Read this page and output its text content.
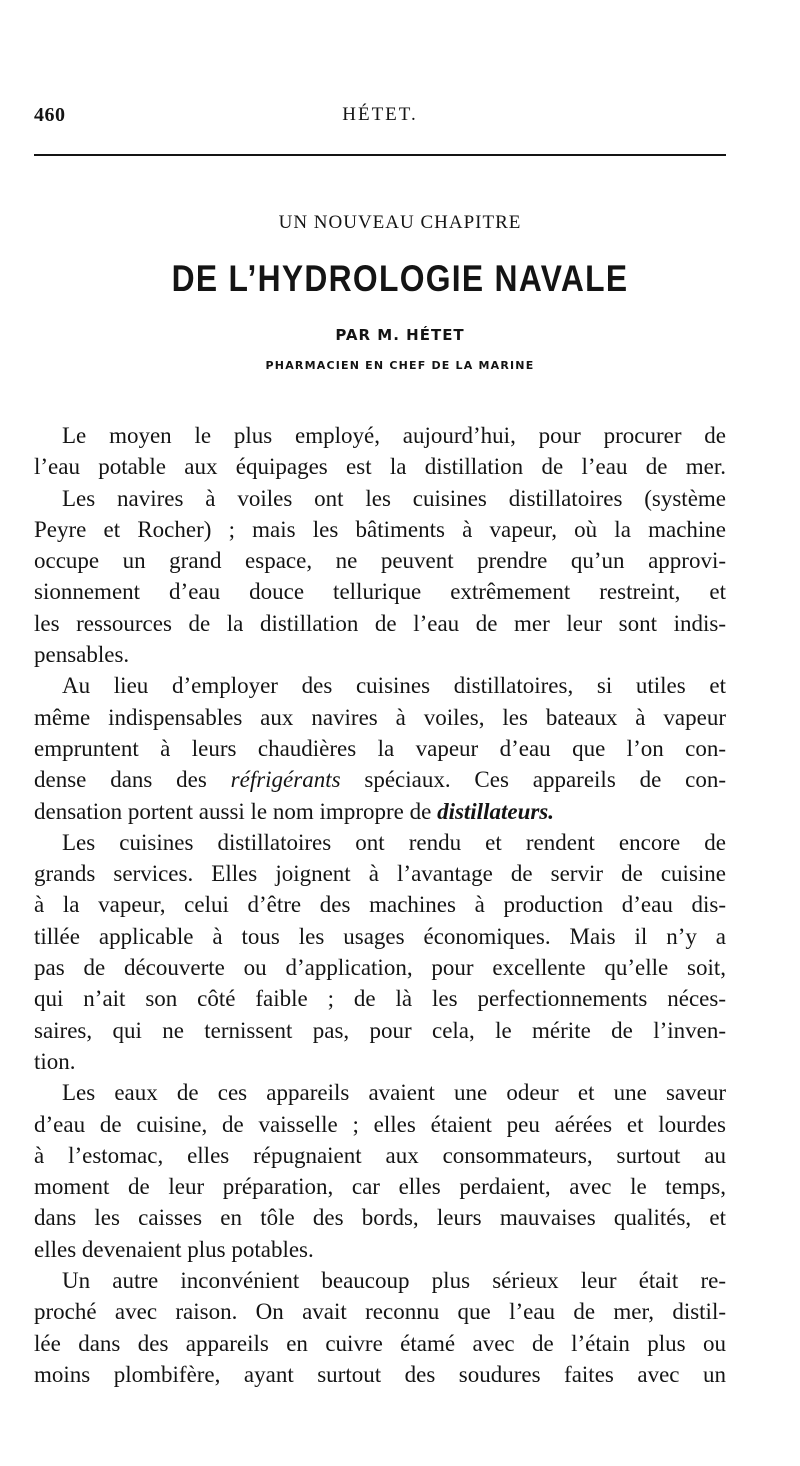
460	HÉTET.
UN NOUVEAU CHAPITRE
DE L’HYDROLOGIE NAVALE
PAR M. HÉTET
PHARMACIEN EN CHEF DE LA MARINE
Le moyen le plus employé, aujourd’hui, pour procurer de
l’eau potable aux équipages est la distillation de l’eau de mer.
Les navires à voiles ont les cuisines distillatoires (système
Peyre et Rocher) ; mais les bâtiments à vapeur, où la machine
occupe un grand espace, ne peuvent prendre qu’un approvi-
sionnement d’eau douce tellurique extrêmement restreint, et
les ressources de la distillation de l’eau de mer leur sont indis-
pensables.
Au lieu d’employer des cuisines distillatoires, si utiles et
même indispensables aux navires à voiles, les bateaux à vapeur
empruntent à leurs chaudières la vapeur d’eau que l’on con-
dense dans des réfrigérants spéciaux. Ces appareils de con-
densation portent aussi le nom impropre de distillateurs.
Les cuisines distillatoires ont rendu et rendent encore de
grands services. Elles joignent à l’avantage de servir de cuisine
à la vapeur, celui d’être des machines à production d’eau dis-
tillée applicable à tous les usages économiques. Mais il n’y a
pas de découverte ou d’application, pour excellente qu’elle soit,
qui n’ait son côté faible ; de là les perfectionnements néces-
saires, qui ne ternissent pas, pour cela, le mérite de l’inven-
tion.
Les eaux de ces appareils avaient une odeur et une saveur
d’eau de cuisine, de vaisselle ; elles étaient peu aérées et lourdes
à l’estomac, elles répugnaient aux consommateurs, surtout au
moment de leur préparation, car elles perdaient, avec le temps,
dans les caisses en tôle des bords, leurs mauvaises qualités, et
elles devenaient plus potables.
Un autre inconvénient beaucoup plus sérieux leur était re-
proché avec raison. On avait reconnu que l’eau de mer, distil-
lée dans des appareils en cuivre étamé avec de l’étain plus ou
moins plombifère, ayant surtout des soudures faites avec un
